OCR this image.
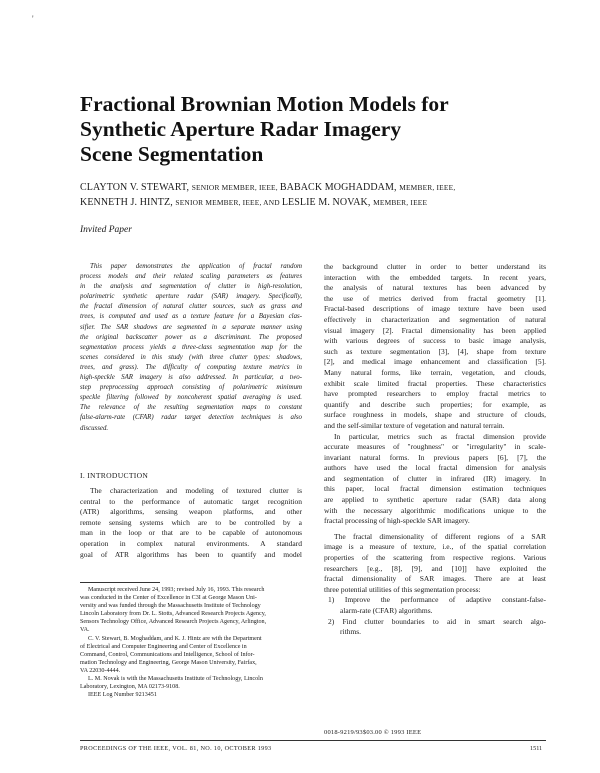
'
Fractional Brownian Motion Models for
Synthetic Aperture Radar Imagery
Scene Segmentation
CLAYTON V. STEWART, SENIOR MEMBER, IEEE, BABACK MOGHADDAM, MEMBER, IEEE,
KENNETH J. HINTZ, SENIOR MEMBER, IEEE, AND LESLIE M. NOVAK, MEMBER, IEEE
Invited Paper
This paper demonstrates the application of fractal random
process models and their related scaling parameters as features
in the analysis and segmentation of clutter in high-resolution,
polarimetric synthetic aperture radar (SAR) imagery. Specifically,
the fractal dimension of natural clutter sources, such as grass and
trees, is computed and used as a texture feature for a Bayesian clas-
sifier. The SAR shadows are segmented in a separate manner using
the original backscatter power as a discriminant. The proposed
segmentation process yields a three-class segmentation map for the
scenes considered in this study (with three clutter types: shadows,
trees, and grass). The difficulty of computing texture metrics in
high-speckle SAR imagery is also addressed. In particular, a two-
step preprocessing approach consisting of polarimetric minimum
speckle filtering followed by noncoherent spatial averaging is used.
The relevance of the resulting segmentation maps to constant
false-alarm-rate (CFAR) radar target detection techniques is also
discussed.
I. INTRODUCTION
The characterization and modeling of textured clutter is
central to the performance of automatic target recognition
(ATR) algorithms, sensing weapon platforms, and other
remote sensing systems which are to be controlled by a
man in the loop or that are to be capable of autonomous
operation in complex natural environments. A standard
goal of ATR algorithms has been to quantify and model
Manuscript received June 24, 1993; revised July 16, 1993. This research
was conducted in the Center of Excellence in C3I at George Mason Uni-
versity and was funded through the Massachusetts Institute of Technology
Lincoln Laboratory from Dr. L. Stotts, Advanced Research Projects Agency,
Sensors Technology Office, Advanced Research Projects Agency, Arlington,
VA.
C. V. Stewart, B. Moghaddam, and K. J. Hintz are with the Department
of Electrical and Computer Engineering and Center of Excellence in
Command, Control, Communications and Intelligence, School of Infor-
mation Technology and Engineering, George Mason University, Fairfax,
VA 22030-4444.
L. M. Novak is with the Massachusetts Institute of Technology, Lincoln
Laboratory, Lexington, MA 02173-9108.
IEEE Log Number 9213451
the background clutter in order to better understand its
interaction with the embedded targets. In recent years,
the analysis of natural textures has been advanced by
the use of metrics derived from fractal geometry [1].
Fractal-based descriptions of image texture have been used
effectively in characterization and segmentation of natural
visual imagery [2]. Fractal dimensionality has been applied
with various degrees of success to basic image analysis,
such as texture segmentation [3], [4], shape from texture
[2], and medical image enhancement and classification [5].
Many natural forms, like terrain, vegetation, and clouds,
exhibit scale limited fractal properties. These characteristics
have prompted researchers to employ fractal metrics to
quantify and describe such properties; for example, as
surface roughness in models, shape and structure of clouds,
and the self-similar texture of vegetation and natural terrain.
In particular, metrics such as fractal dimension provide
accurate measures of "roughness" or "irregularity" in scale-
invariant natural forms. In previous papers [6], [7], the
authors have used the local fractal dimension for analysis
and segmentation of clutter in infrared (IR) imagery. In
this paper, local fractal dimension estimation techniques
are applied to synthetic aperture radar (SAR) data along
with the necessary algorithmic modifications unique to the
fractal processing of high-speckle SAR imagery.
The fractal dimensionality of different regions of a SAR
image is a measure of texture, i.e., of the spatial correlation
properties of the scattering from respective regions. Various
researchers [e.g., [8], [9], and [10]] have exploited the
fractal dimensionality of SAR images. There are at least
three potential utilities of this segmentation process:
1) Improve the performance of adaptive constant-false-
alarm-rate (CFAR) algorithms.
2) Find clutter boundaries to aid in smart search algo-
rithms.
0018-9219/93$03.00 © 1993 IEEE
PROCEEDINGS OF THE IEEE, VOL. 81, NO. 10, OCTOBER 1993	1511
